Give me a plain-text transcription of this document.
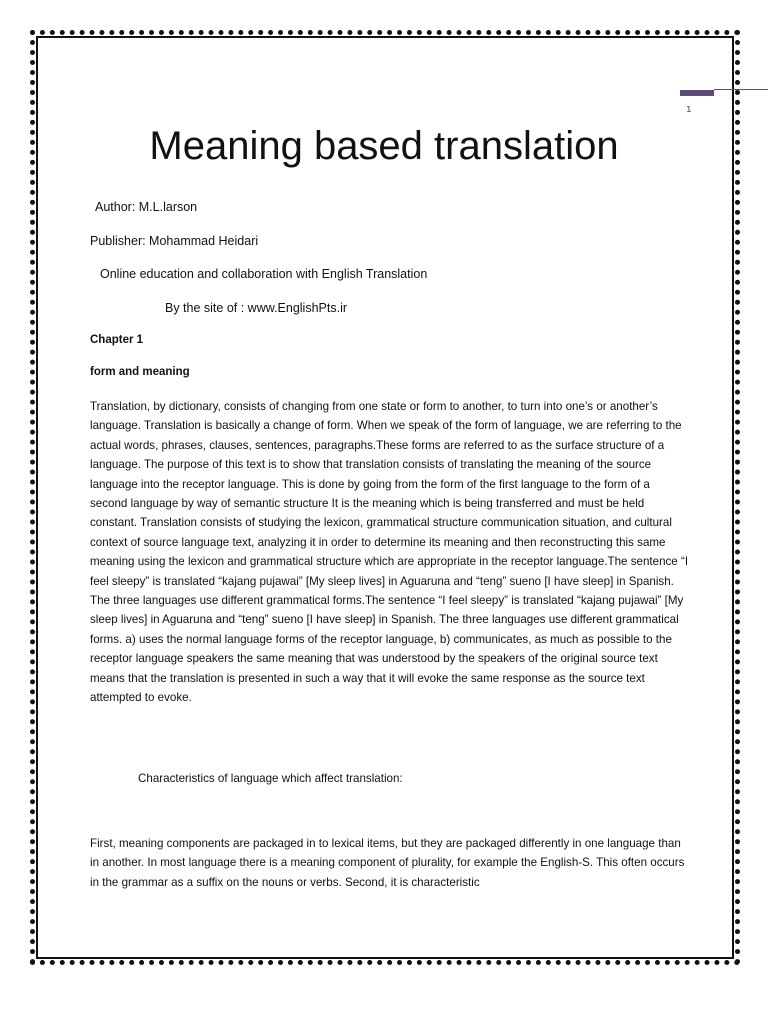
₁
Meaning based translation

Author: M.L.larson

Publisher: Mohammad Heidari

Online education and collaboration with English Translation

By the site of : www.EnglishPts.ir

Chapter 1

form and meaning

Translation, by dictionary, consists of changing from one state or form to another, to turn into one’s or another’s language. Translation is basically a change of form. When we speak of the form of language, we are referring to the actual words, phrases, clauses, sentences, paragraphs.These forms are referred to as the surface structure of a language. The purpose of this text is to show that translation consists of translating the meaning of the source language into the receptor language. This is done by going from the form of the first language to the form of a second language by way of semantic structure It is the meaning which is being transferred and must be held constant. Translation consists of studying the lexicon, grammatical structure communication situation, and cultural context of source language text, analyzing it in order to determine its meaning and then reconstructing this same meaning using the lexicon and grammatical structure which are appropriate in the receptor language.The sentence “I feel sleepy” is translated “kajang pujawai” [My sleep lives] in Aguaruna and “teng” sueno [I have sleep] in Spanish. The three languages use different grammatical forms.The sentence “I feel sleepy” is translated “kajang pujawai” [My sleep lives] in Aguaruna and “teng” sueno [I have sleep] in Spanish. The three languages use different grammatical forms. a) uses the normal language forms of the receptor language, b) communicates, as much as possible to the receptor language speakers the same meaning that was understood by the speakers of the original source text means that the translation is presented in such a way that it will evoke the same response as the source text attempted to evoke.

Characteristics of language which affect translation:

First, meaning components are packaged in to lexical items, but they are packaged differently in one language than in another. In most language there is a meaning component of plurality, for example the English-S. This often occurs in the grammar as a suffix on the nouns or verbs. Second, it is characteristic
